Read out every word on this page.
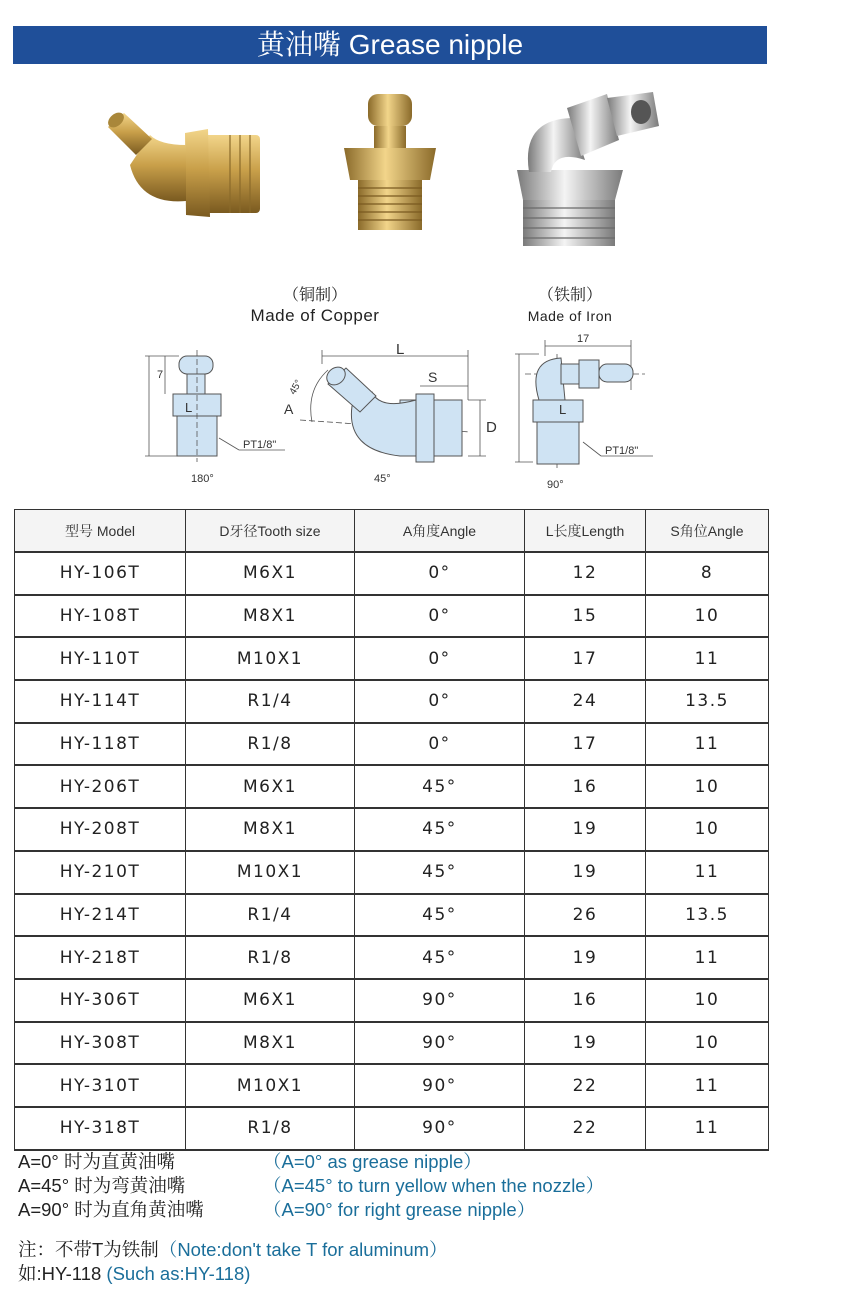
黄油嘴 Grease nipple
（铜制）
Made of Copper
（铁制）
Made of Iron
7
L
PT1/8"
180°
L
S
A
45°
D
45°
17
L
PT1/8"
90°
型号 Model	D牙径Tooth size	A角度Angle	L长度Length	S角位Angle
HY-106T	M6X1	0°	12	8
HY-108T	M8X1	0°	15	10
HY-110T	M10X1	0°	17	11
HY-114T	R1/4	0°	24	13.5
HY-118T	R1/8	0°	17	11
HY-206T	M6X1	45°	16	10
HY-208T	M8X1	45°	19	10
HY-210T	M10X1	45°	19	11
HY-214T	R1/4	45°	26	13.5
HY-218T	R1/8	45°	19	11
HY-306T	M6X1	90°	16	10
HY-308T	M8X1	90°	19	10
HY-310T	M10X1	90°	22	11
HY-318T	R1/8	90°	22	11
A=0° 时为直黄油嘴	（A=0° as grease nipple）
A=45° 时为弯黄油嘴	（A=45° to turn yellow when the nozzle）
A=90° 时为直角黄油嘴	（A=90° for right grease nipple）
注：不带T为铁制（Note:don't take T for aluminum）
如:HY-118 (Such as:HY-118)
